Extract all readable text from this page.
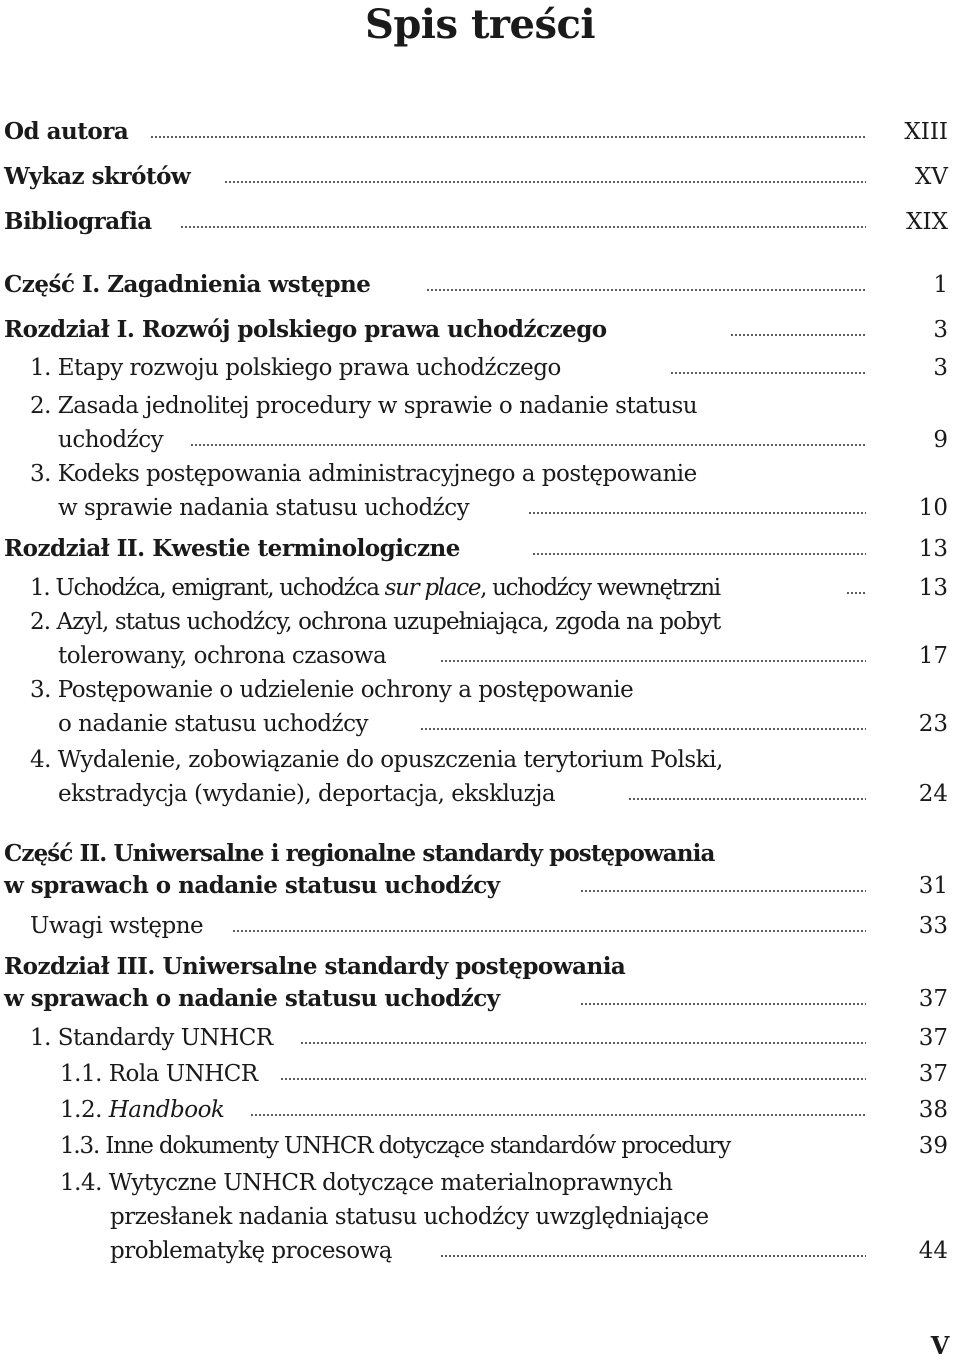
Spis treści
Od autora	XIII
Wykaz skrótów	XV
Bibliografia	XIX
Część I. Zagadnienia wstępne	1
Rozdział I. Rozwój polskiego prawa uchodźczego	3
1. Etapy rozwoju polskiego prawa uchodźczego	3
2. Zasada jednolitej procedury w sprawie o nadanie statusu
uchodźcy	9
3. Kodeks postępowania administracyjnego a postępowanie
w sprawie nadania statusu uchodźcy	10
Rozdział II. Kwestie terminologiczne	13
1. Uchodźca, emigrant, uchodźca sur place, uchodźcy wewnętrzni	13
2. Azyl, status uchodźcy, ochrona uzupełniająca, zgoda na pobyt
tolerowany, ochrona czasowa	17
3. Postępowanie o udzielenie ochrony a postępowanie
o nadanie statusu uchodźcy	23
4. Wydalenie, zobowiązanie do opuszczenia terytorium Polski,
ekstradycja (wydanie), deportacja, ekskluzja	24
Część II. Uniwersalne i regionalne standardy postępowania
w sprawach o nadanie statusu uchodźcy	31
Uwagi wstępne	33
Rozdział III. Uniwersalne standardy postępowania
w sprawach o nadanie statusu uchodźcy	37
1. Standardy UNHCR	37
1.1. Rola UNHCR	37
1.2. Handbook	38
1.3. Inne dokumenty UNHCR dotyczące standardów procedury	39
1.4. Wytyczne UNHCR dotyczące materialnoprawnych
przesłanek nadania statusu uchodźcy uwzględniające
problematykę procesową	44
V
